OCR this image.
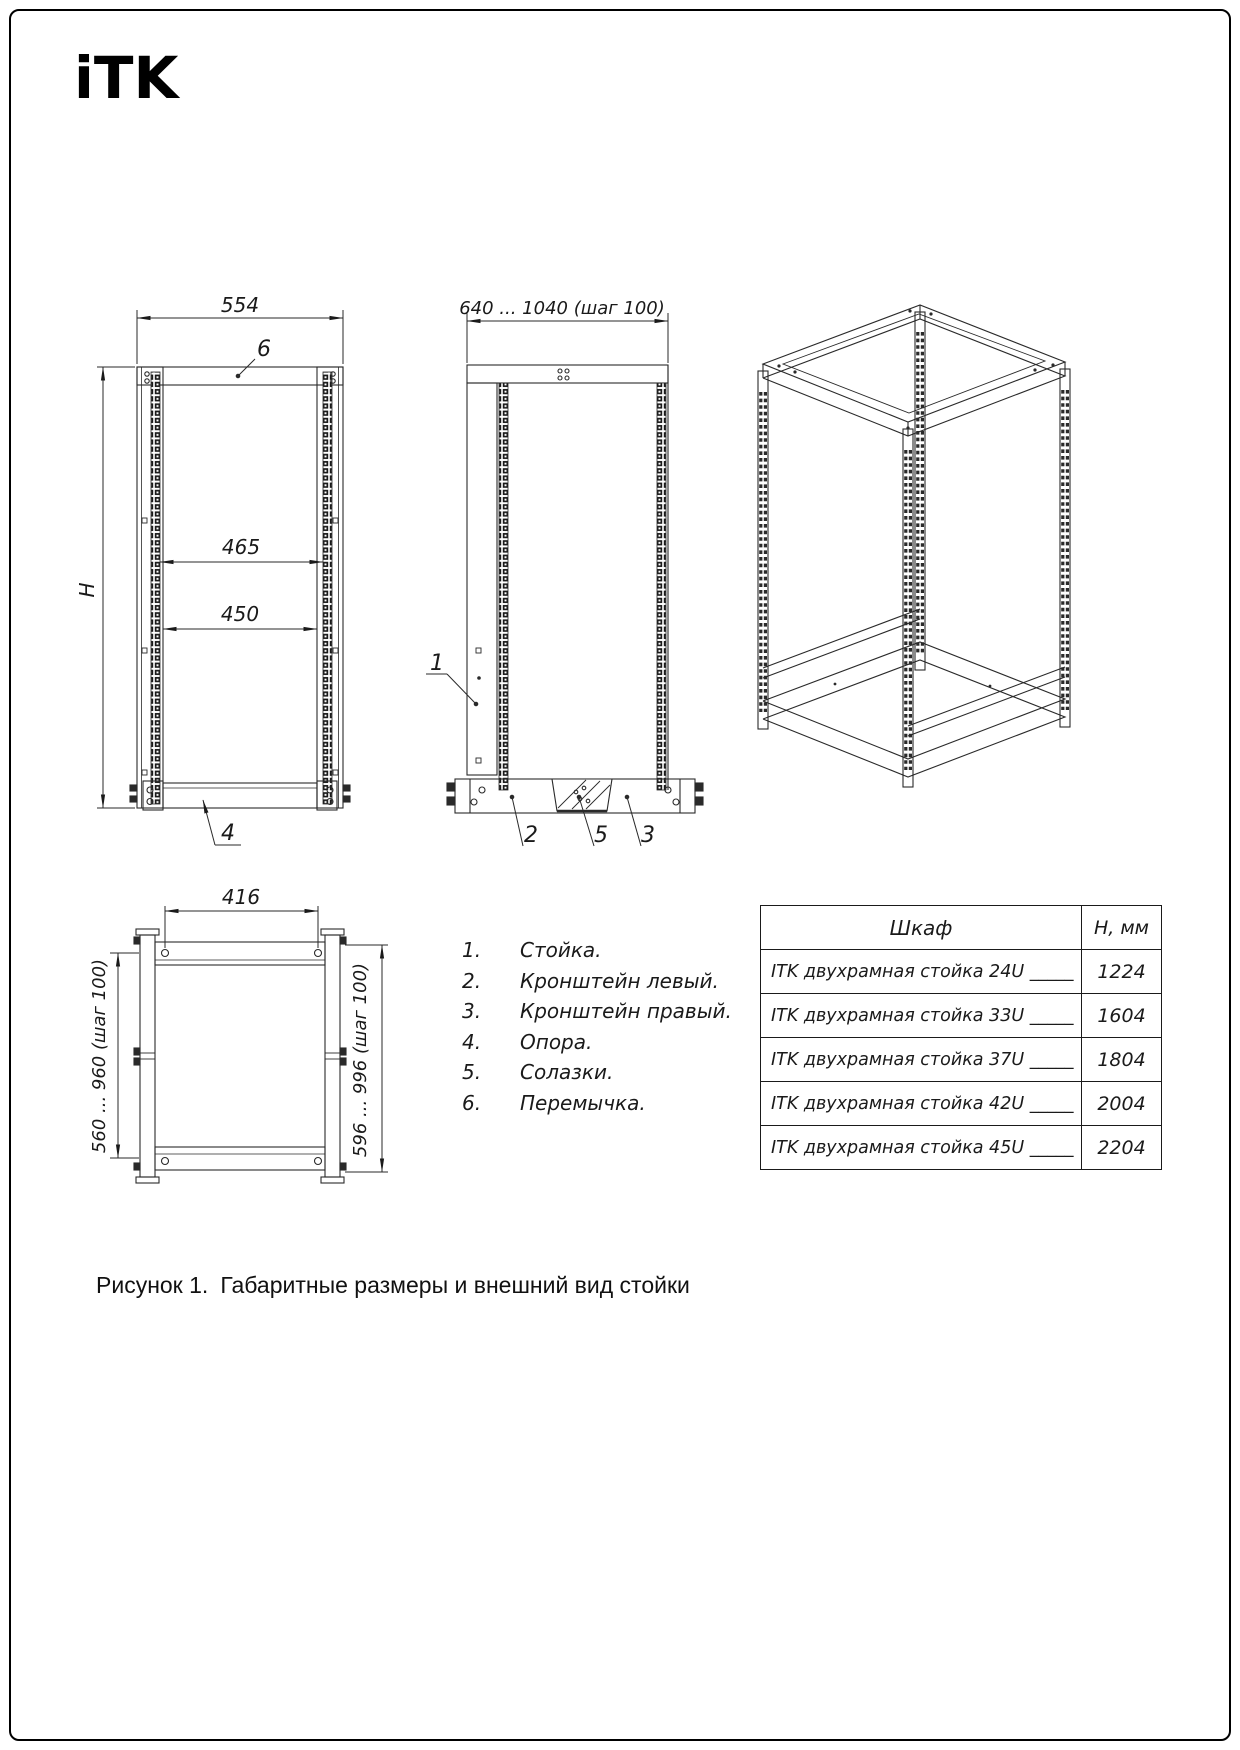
iTK
554
H
465
450
6
4
640 ... 1040 (шаг 100)
1
2	5 3
416
560 ... 960 (шаг 100)	596 ... 996 (шаг 100)
1.	Стойка.
2.	Кронштейн левый.
3.	Кронштейн правый.
4.	Опора.
5.	Солазки.
6.	Перемычка.
Шкаф	H, мм
ITK двухрамная стойка 24U _____	1224
ITK двухрамная стойка 33U _____	1604
ITK двухрамная стойка 37U _____	1804
ITK двухрамная стойка 42U _____	2004
ITK двухрамная стойка 45U _____	2204
Рисунок 1. Габаритные размеры и внешний вид стойки
